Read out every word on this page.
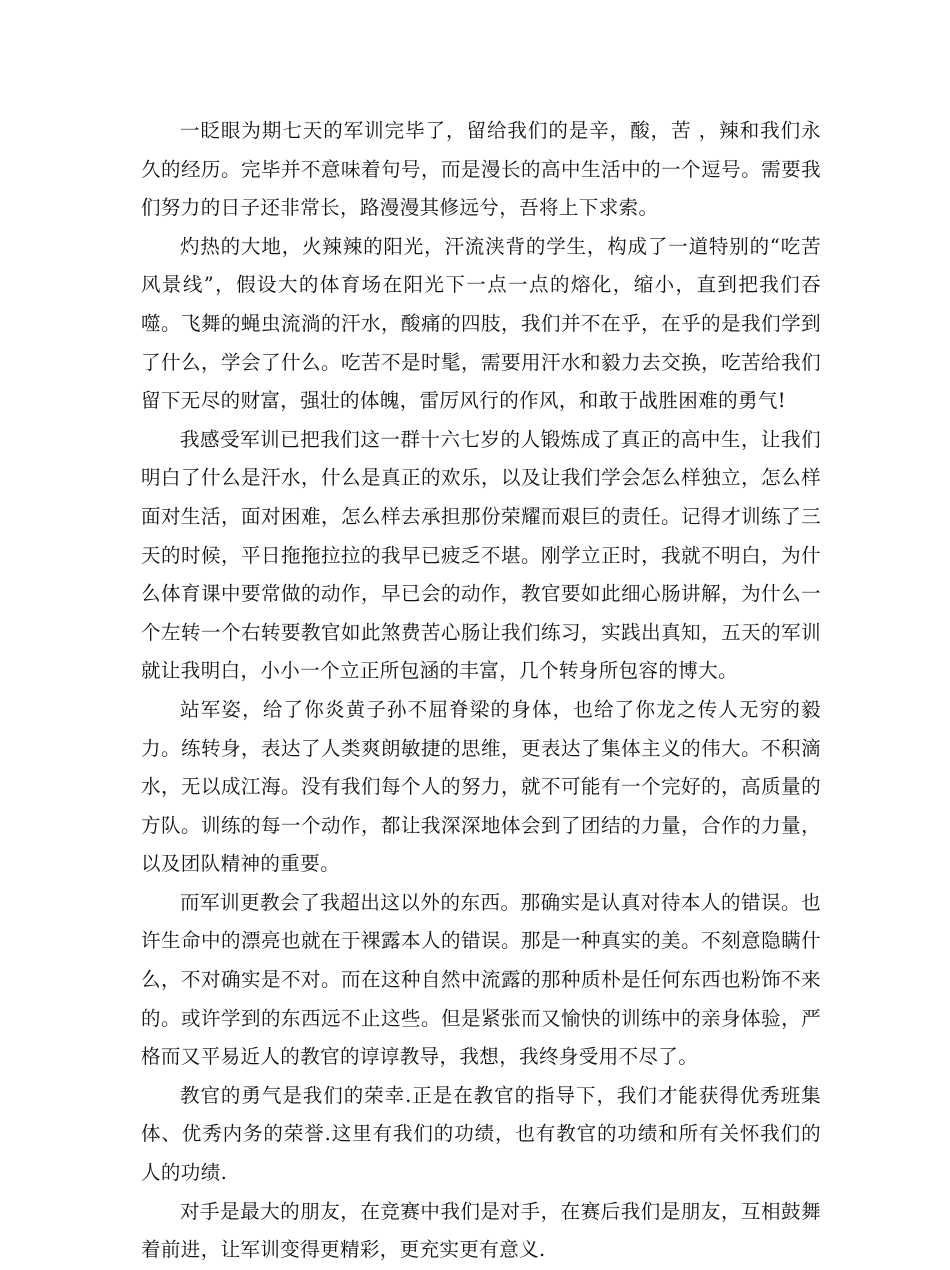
一眨眼为期七天的军训完毕了，留给我们的是辛，酸，苦 ，辣和我们永久的经历。完毕并不意味着句号，而是漫长的高中生活中的一个逗号。需要我们努力的日子还非常长，路漫漫其修远兮，吾将上下求索。

灼热的大地，火辣辣的阳光，汗流浃背的学生，构成了一道特别的“吃苦风景线”，假设大的体育场在阳光下一点一点的熔化，缩小，直到把我们吞噬。飞舞的蝇虫流淌的汗水，酸痛的四肢，我们并不在乎，在乎的是我们学到了什么，学会了什么。吃苦不是时髦，需要用汗水和毅力去交换，吃苦给我们留下无尽的财富，强壮的体魄，雷厉风行的作风，和敢于战胜困难的勇气!

我感受军训已把我们这一群十六七岁的人锻炼成了真正的高中生，让我们明白了什么是汗水，什么是真正的欢乐，以及让我们学会怎么样独立，怎么样面对生活，面对困难，怎么样去承担那份荣耀而艰巨的责任。记得才训练了三天的时候，平日拖拖拉拉的我早已疲乏不堪。刚学立正时，我就不明白，为什么体育课中要常做的动作，早已会的动作，教官要如此细心肠讲解，为什么一个左转一个右转要教官如此煞费苦心肠让我们练习，实践出真知，五天的军训就让我明白，小小一个立正所包涵的丰富，几个转身所包容的博大。

站军姿，给了你炎黄子孙不屈脊梁的身体，也给了你龙之传人无穷的毅力。练转身，表达了人类爽朗敏捷的思维，更表达了集体主义的伟大。不积滴水，无以成江海。没有我们每个人的努力，就不可能有一个完好的，高质量的方队。训练的每一个动作，都让我深深地体会到了团结的力量，合作的力量，以及团队精神的重要。

而军训更教会了我超出这以外的东西。那确实是认真对待本人的错误。也许生命中的漂亮也就在于裸露本人的错误。那是一种真实的美。不刻意隐瞒什么，不对确实是不对。而在这种自然中流露的那种质朴是任何东西也粉饰不来的。或许学到的东西远不止这些。但是紧张而又愉快的训练中的亲身体验，严格而又平易近人的教官的谆谆教导，我想，我终身受用不尽了。

教官的勇气是我们的荣幸.正是在教官的指导下，我们才能获得优秀班集体、优秀内务的荣誉.这里有我们的功绩，也有教官的功绩和所有关怀我们的人的功绩.

对手是最大的朋友，在竞赛中我们是对手，在赛后我们是朋友，互相鼓舞着前进，让军训变得更精彩，更充实更有意义.
